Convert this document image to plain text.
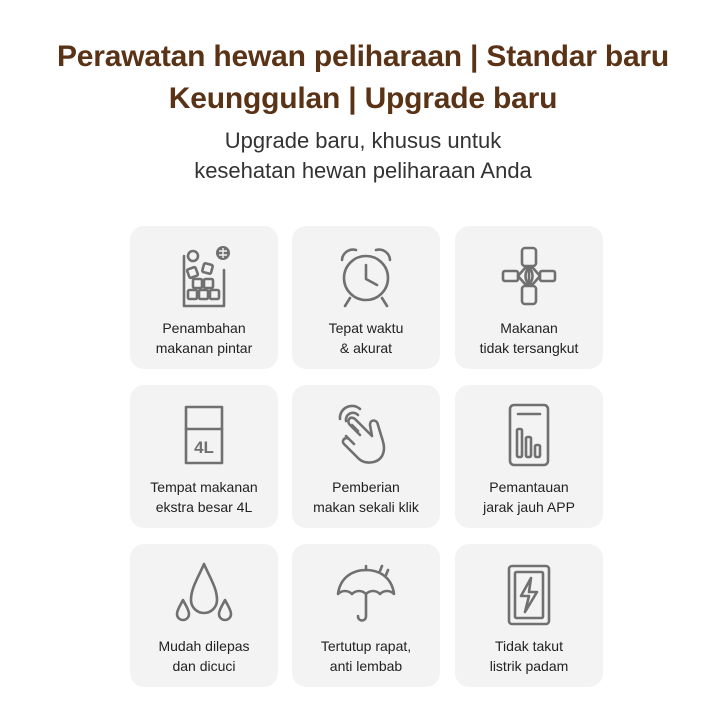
Perawatan hewan peliharaan | Standar baru
Keunggulan | Upgrade baru
Upgrade baru, khusus untuk
kesehatan hewan peliharaan Anda
Penambahan
makanan pintar
Tepat waktu
& akurat
Makanan
tidak tersangkut
4L
Tempat makanan
ekstra besar 4L
Pemberian
makan sekali klik
Pemantauan
jarak jauh APP
Mudah dilepas
dan dicuci
Tertutup rapat,
anti lembab
Tidak takut
listrik padam
